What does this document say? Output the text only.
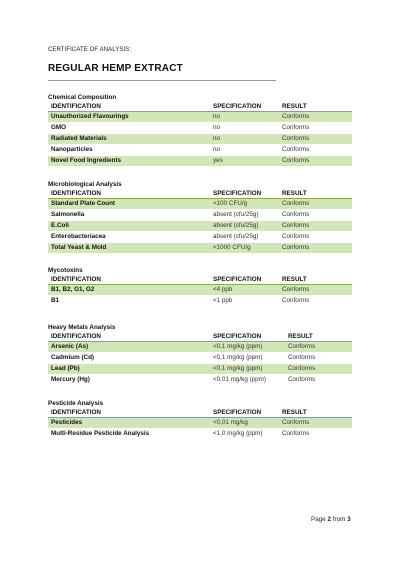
CERTIFICATE OF ANALYSIS:
REGULAR HEMP EXTRACT
Chemical Composition
IDENTIFICATION	SPECIFICATION	RESULT
Unauthorized Flavourings	no	Conforms
GMO	no	Conforms
Radiated Materials	no	Conforms
Nanoparticles	no	Conforms
Novel Food Ingredients	yes	Conforms
Microbiological Analysis
IDENTIFICATION	SPECIFICATION	RESULT
Standard Plate Count	<100 CFU/g	Conforms
Salmonella	absent (cfu/25g)	Conforms
E.Coli	absent (cfu/25g)	Conforms
Enterobacteriacea	absent (cfu/25g)	Conforms
Total Yeast & Mold	<1000 CFU/g	Conforms
Mycotoxins
IDENTIFICATION	SPECIFICATION	RESULT
B1, B2, G1, G2	<4 ppb	Conforms
B1	<1 ppb	Conforms
Heavy Metals Analysis
IDENTIFICATION	SPECIFICATION	RESULT
Arsenic (As)	<0,1 mg/kg (ppm)	Conforms
Cadmium (Cd)	<0,1 mg/kg (ppm)	Conforms
Lead (Pb)	<0,1 mg/kg (ppm)	Conforms
Mercury (Hg)	<0,01 mg/kg (ppm)	Conforms
Pesticide Analysis
IDENTIFICATION	SPECIFICATION	RESULT
Pesticides	<0,01 mg/kg	Conforms
Multi-Residue Pesticide Analysis	<1,0 mg/kg (ppm)	Conforms
Page 2 from 3
